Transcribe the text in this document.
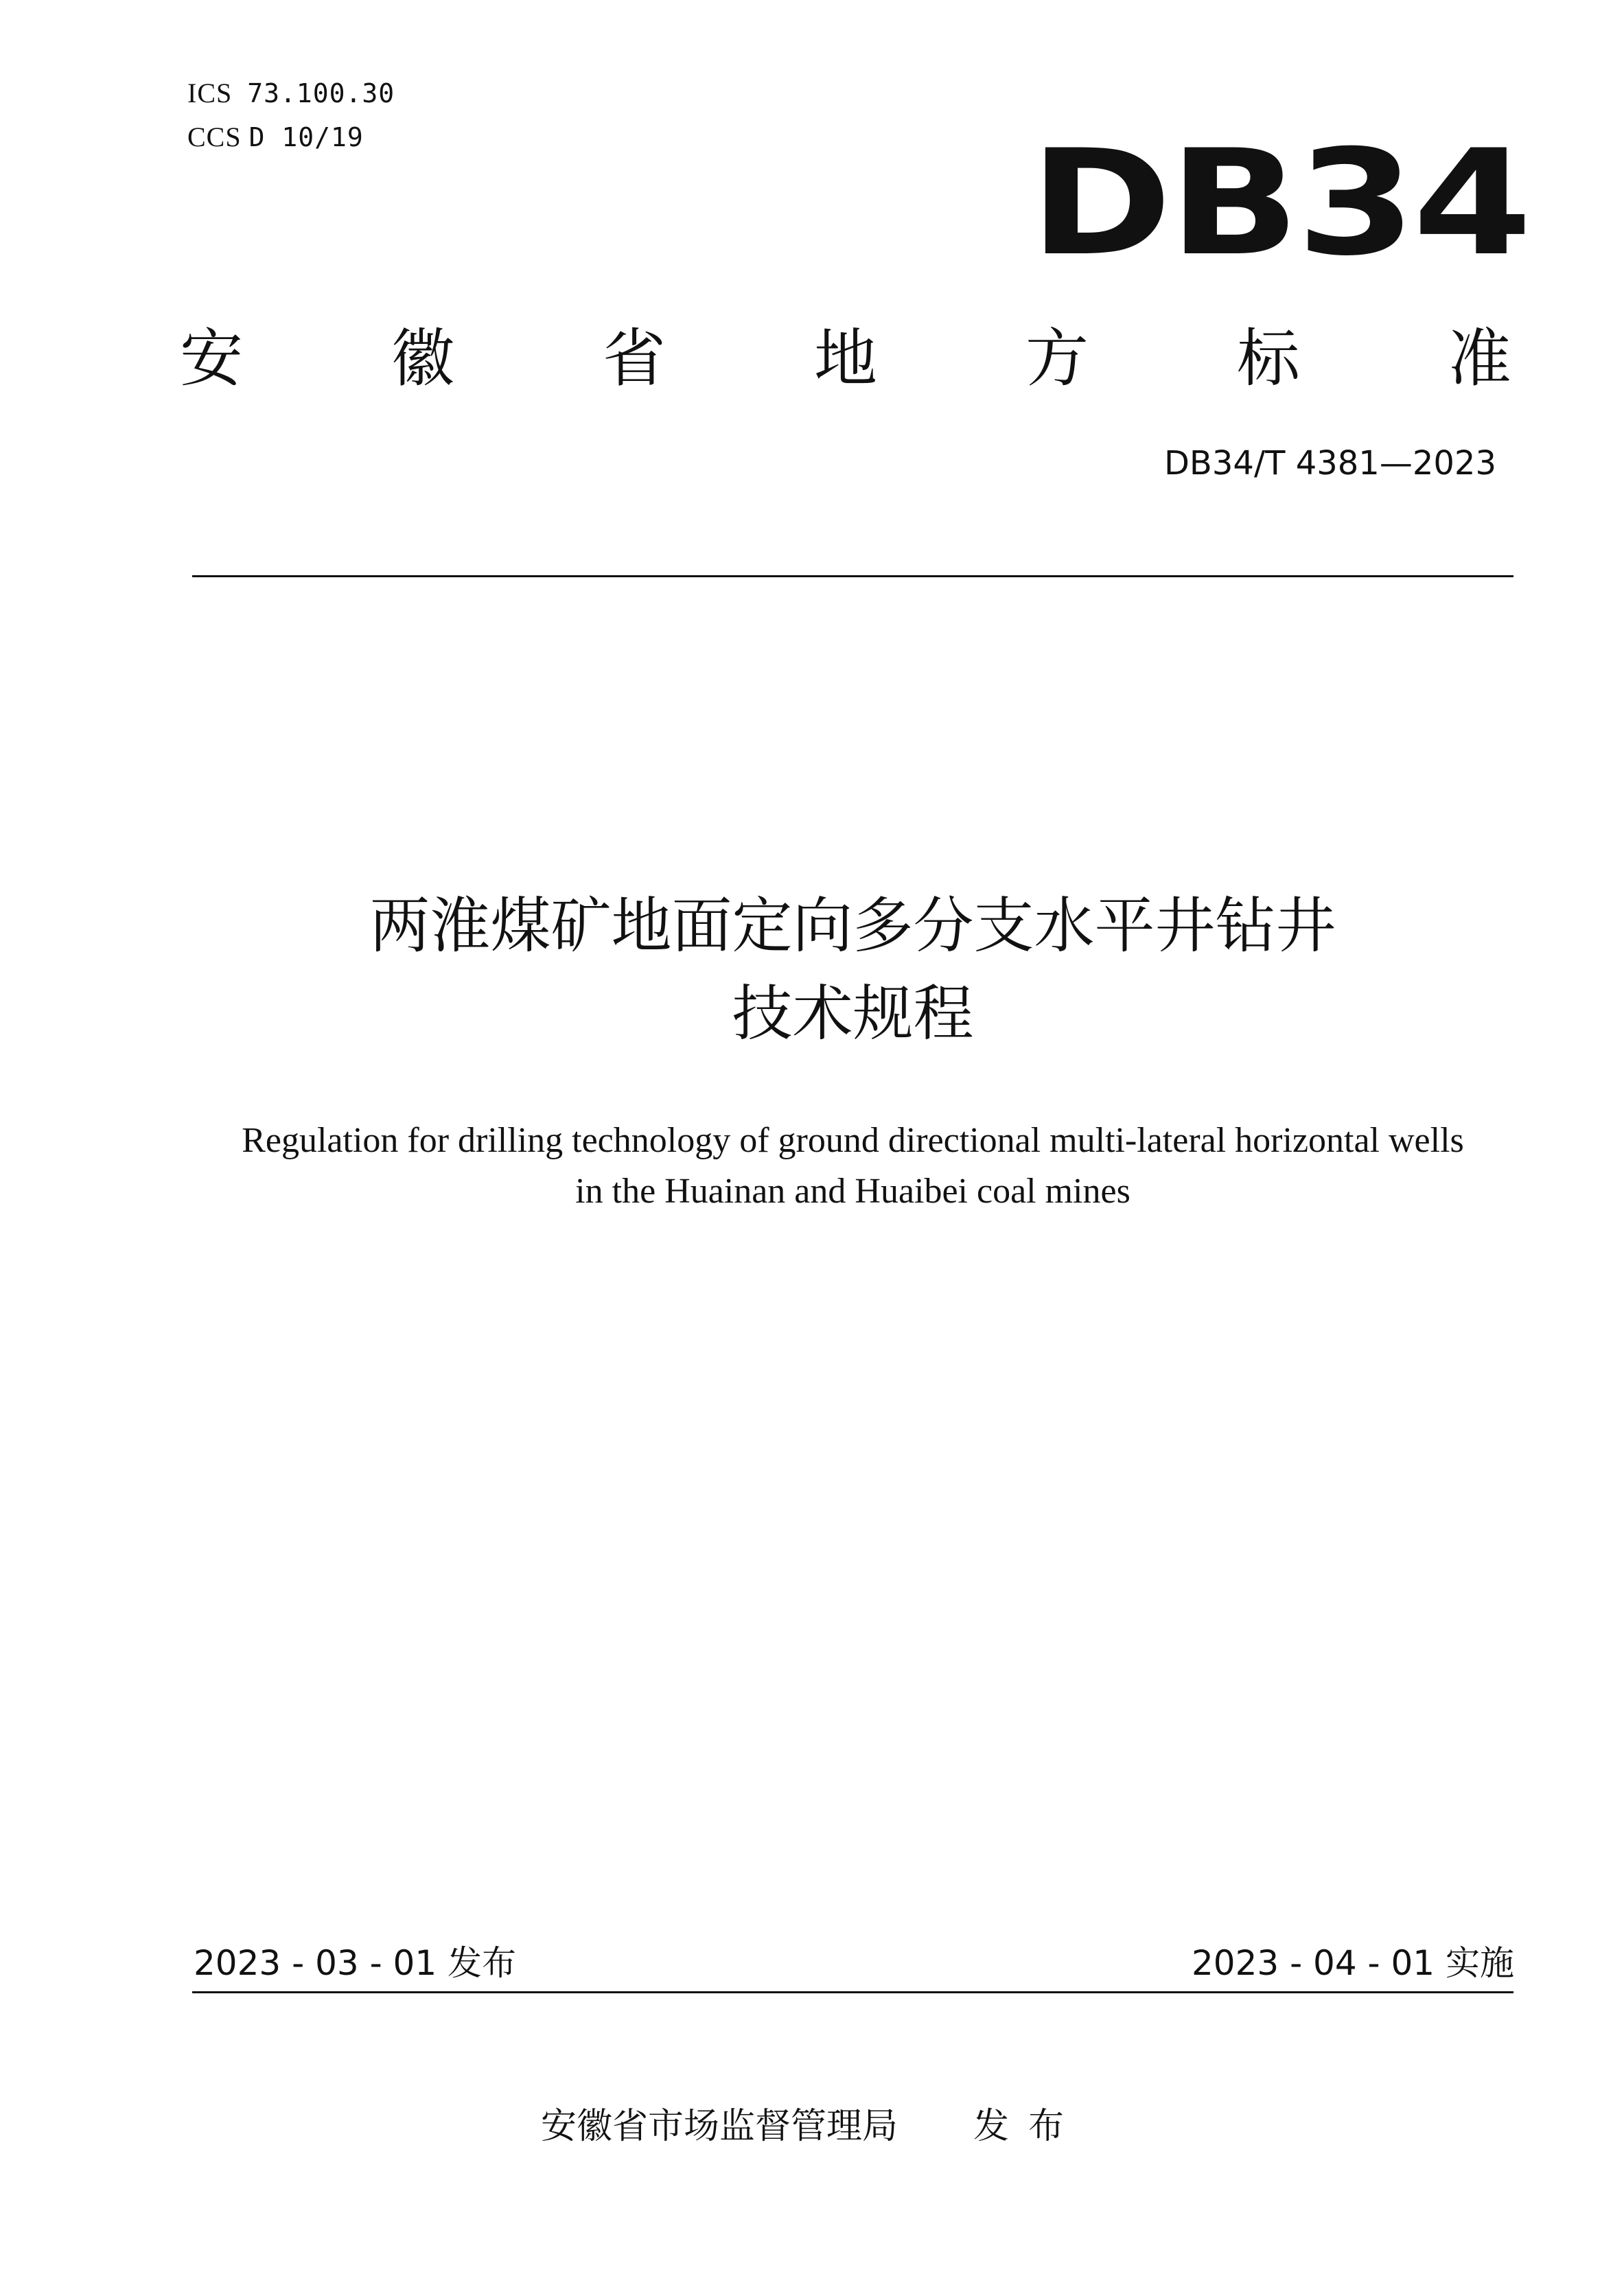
ICS 73.100.30
CCS D 10/19	DB34
安 徽 省 地 方 标 准
DB34/T 4381—2023
两淮煤矿地面定向多分支水平井钻井
技术规程
Regulation for drilling technology of ground directional multi-lateral horizontal wells
in the Huainan and Huaibei coal mines
2023 - 03 - 01 发布	2023 - 04 - 01 实施
安徽省市场监督管理局 发布
